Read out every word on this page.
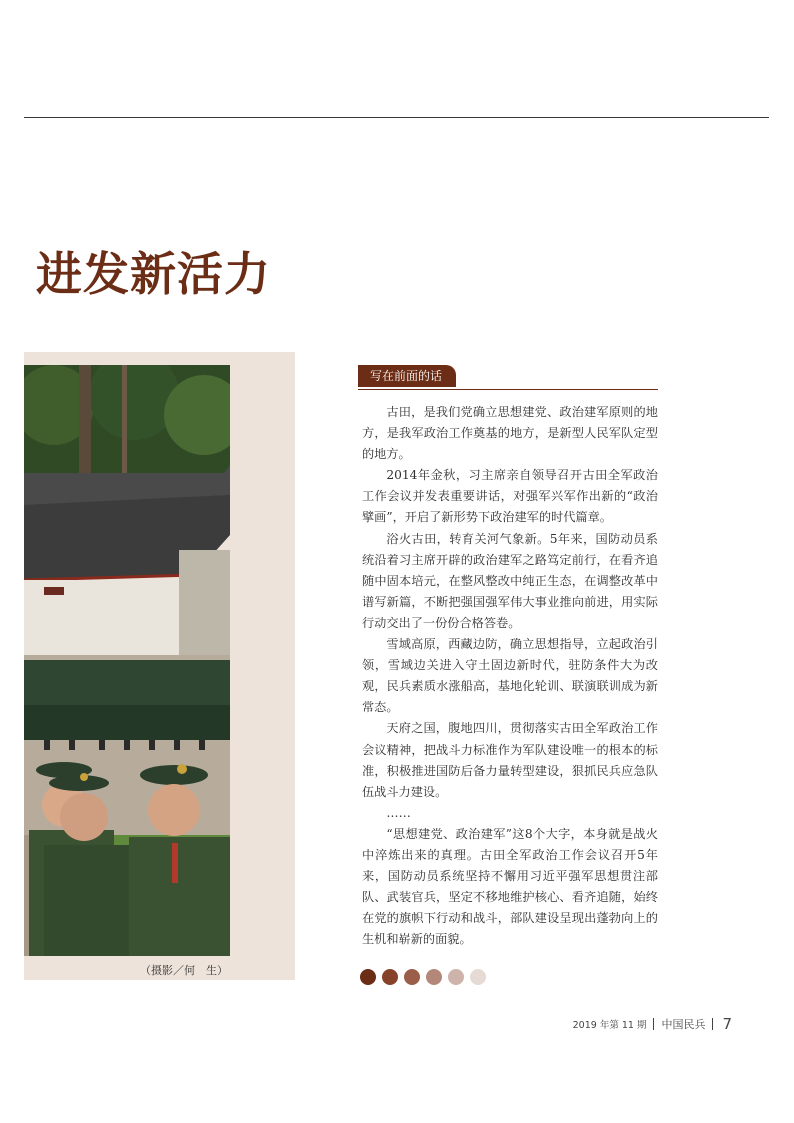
进发新活力
（摄影／何　生）
写在前面的话

古田，是我们党确立思想建党、政治建军原则的地方，是我军政治工作奠基的地方，是新型人民军队定型的地方。

2014年金秋，习主席亲自领导召开古田全军政治工作会议并发表重要讲话，对强军兴军作出新的“政治擘画”，开启了新形势下政治建军的时代篇章。

浴火古田，转育关河气象新。5年来，国防动员系统沿着习主席开辟的政治建军之路笃定前行，在看齐追随中固本培元，在整风整改中纯正生态，在调整改革中谱写新篇，不断把强国强军伟大事业推向前进，用实际行动交出了一份份合格答卷。

雪域高原，西藏边防，确立思想指导，立起政治引领，雪域边关进入守土固边新时代，驻防条件大为改观，民兵素质水涨船高，基地化轮训、联演联训成为新常态。

天府之国，腹地四川，贯彻落实古田全军政治工作会议精神，把战斗力标准作为军队建设唯一的根本的标准，积极推进国防后备力量转型建设，狠抓民兵应急队伍战斗力建设。

……

“思想建党、政治建军”这8个大字，本身就是战火中淬炼出来的真理。古田全军政治工作会议召开5年来，国防动员系统坚持不懈用习近平强军思想贯注部队、武装官兵，坚定不移地维护核心、看齐追随，始终在党的旗帜下行动和战斗，部队建设呈现出蓬勃向上的生机和崭新的面貌。

2019 年第 11 期 中国民兵 7
